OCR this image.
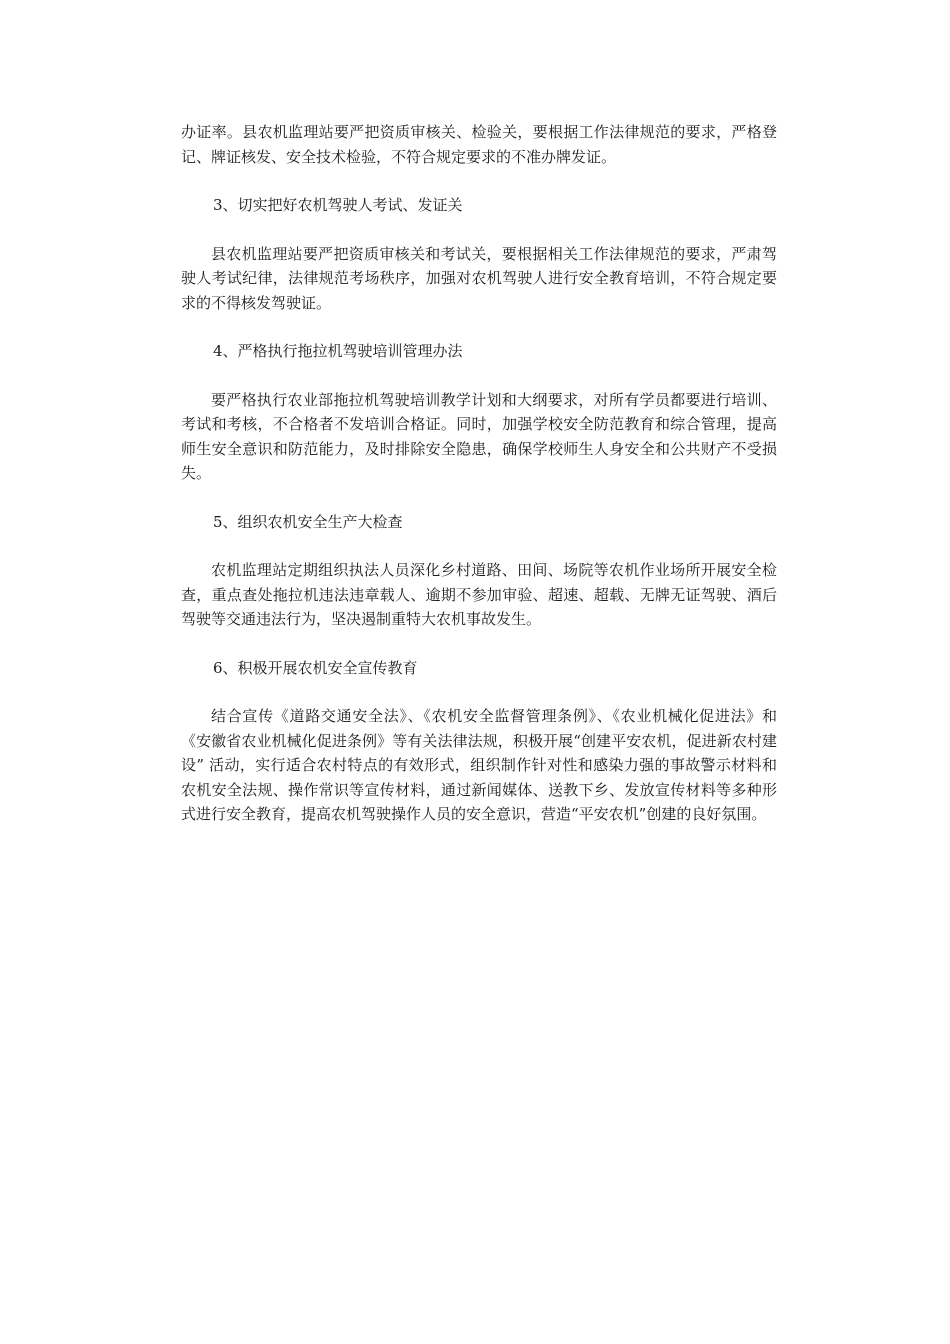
办证率。县农机监理站要严把资质审核关、检验关，要根据工作法律规范的要求，严格登记、牌证核发、安全技术检验，不符合规定要求的不准办牌发证。

3、切实把好农机驾驶人考试、发证关

县农机监理站要严把资质审核关和考试关，要根据相关工作法律规范的要求，严肃驾驶人考试纪律，法律规范考场秩序，加强对农机驾驶人进行安全教育培训，不符合规定要求的不得核发驾驶证。

4、严格执行拖拉机驾驶培训管理办法

要严格执行农业部拖拉机驾驶培训教学计划和大纲要求，对所有学员都要进行培训、考试和考核，不合格者不发培训合格证。同时，加强学校安全防范教育和综合管理，提高师生安全意识和防范能力，及时排除安全隐患，确保学校师生人身安全和公共财产不受损失。

5、组织农机安全生产大检查

农机监理站定期组织执法人员深化乡村道路、田间、场院等农机作业场所开展安全检查，重点查处拖拉机违法违章载人、逾期不参加审验、超速、超载、无牌无证驾驶、酒后驾驶等交通违法行为，坚决遏制重特大农机事故发生。

6、积极开展农机安全宣传教育

结合宣传《道路交通安全法》、《农机安全监督管理条例》、《农业机械化促进法》和《安徽省农业机械化促进条例》等有关法律法规，积极开展“创建平安农机，促进新农村建设” 活动，实行适合农村特点的有效形式，组织制作针对性和感染力强的事故警示材料和农机安全法规、操作常识等宣传材料，通过新闻媒体、送教下乡、发放宣传材料等多种形式进行安全教育，提高农机驾驶操作人员的安全意识，营造“平安农机”创建的良好氛围。
